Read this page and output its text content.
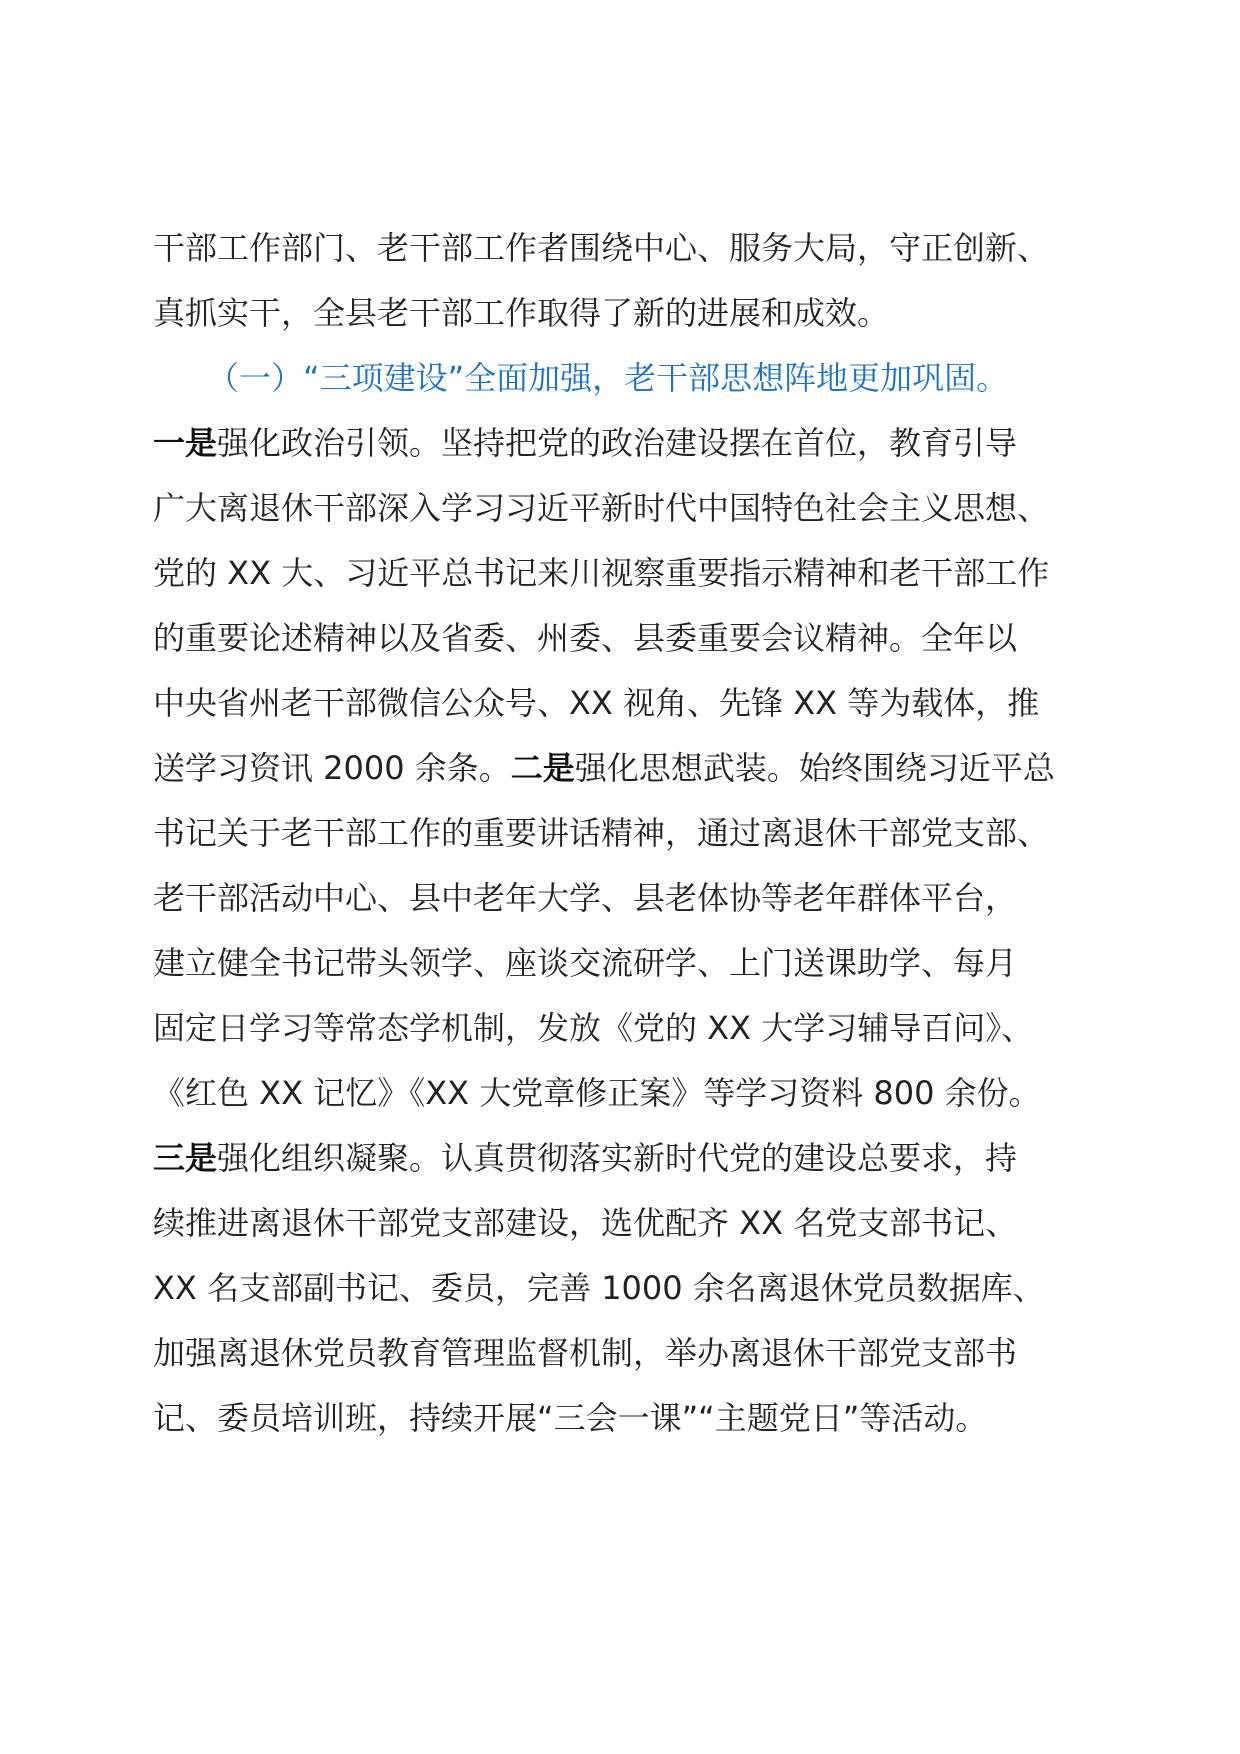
干部工作部门、老干部工作者围绕中心、服务大局，守正创新、
真抓实干，全县老干部工作取得了新的进展和成效。
（一）“三项建设”全面加强，老干部思想阵地更加巩固。
一是强化政治引领。坚持把党的政治建设摆在首位，教育引导
广大离退休干部深入学习习近平新时代中国特色社会主义思想、
党的 XX 大、习近平总书记来川视察重要指示精神和老干部工作
的重要论述精神以及省委、州委、县委重要会议精神。全年以
中央省州老干部微信公众号、XX 视角、先锋 XX 等为载体，推
送学习资讯 2000 余条。二是强化思想武装。始终围绕习近平总
书记关于老干部工作的重要讲话精神，通过离退休干部党支部、
老干部活动中心、县中老年大学、县老体协等老年群体平台，
建立健全书记带头领学、座谈交流研学、上门送课助学、每月
固定日学习等常态学机制，发放《党的 XX 大学习辅导百问》、
《红色 XX 记忆》《XX 大党章修正案》等学习资料 800 余份。
三是强化组织凝聚。认真贯彻落实新时代党的建设总要求，持
续推进离退休干部党支部建设，选优配齐 XX 名党支部书记、
XX 名支部副书记、委员，完善 1000 余名离退休党员数据库、
加强离退休党员教育管理监督机制，举办离退休干部党支部书
记、委员培训班，持续开展“三会一课”“主题党日”等活动。
